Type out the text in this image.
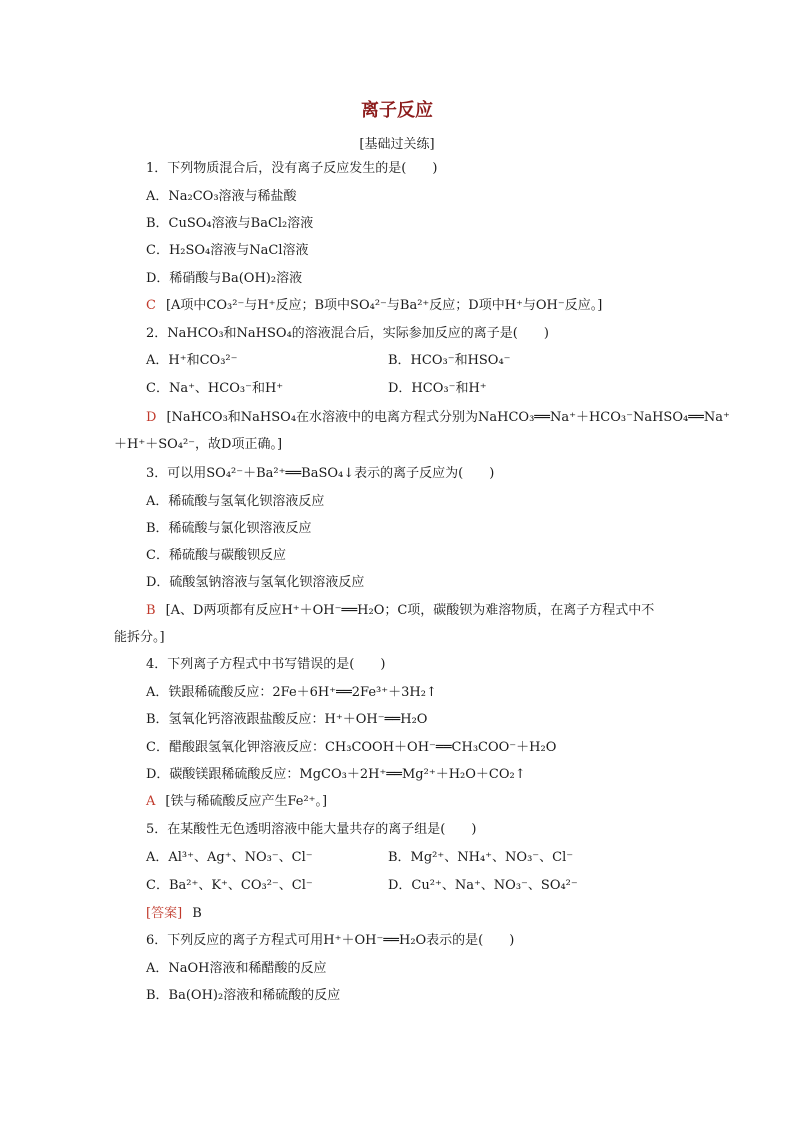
离子反应
[基础过关练]
1．下列物质混合后，没有离子反应发生的是(　　)
A．Na₂CO₃溶液与稀盐酸
B．CuSO₄溶液与BaCl₂溶液
C．H₂SO₄溶液与NaCl溶液
D．稀硝酸与Ba(OH)₂溶液
C [A项中CO₃²⁻与H⁺反应；B项中SO₄²⁻与Ba²⁺反应；D项中H⁺与OH⁻反应。]
2．NaHCO₃和NaHSO₄的溶液混合后，实际参加反应的离子是(　　)
A．H⁺和CO₃²⁻	B．HCO₃⁻和HSO₄⁻
C．Na⁺、HCO₃⁻和H⁺	D．HCO₃⁻和H⁺
D [NaHCO₃和NaHSO₄在水溶液中的电离方程式分别为NaHCO₃══Na⁺＋HCO₃⁻NaHSO₄══Na⁺
＋H⁺＋SO₄²⁻，故D项正确。]
3．可以用SO₄²⁻＋Ba²⁺══BaSO₄↓表示的离子反应为(　　)
A．稀硫酸与氢氧化钡溶液反应
B．稀硫酸与氯化钡溶液反应
C．稀硫酸与碳酸钡反应
D．硫酸氢钠溶液与氢氧化钡溶液反应
B [A、D两项都有反应H⁺＋OH⁻══H₂O；C项，碳酸钡为难溶物质，在离子方程式中不
能拆分。]
4．下列离子方程式中书写错误的是(　　)
A．铁跟稀硫酸反应：2Fe＋6H⁺══2Fe³⁺＋3H₂↑
B．氢氧化钙溶液跟盐酸反应：H⁺＋OH⁻══H₂O
C．醋酸跟氢氧化钾溶液反应：CH₃COOH＋OH⁻══CH₃COO⁻＋H₂O
D．碳酸镁跟稀硫酸反应：MgCO₃＋2H⁺══Mg²⁺＋H₂O＋CO₂↑
A [铁与稀硫酸反应产生Fe²⁺。]
5．在某酸性无色透明溶液中能大量共存的离子组是(　　)
A．Al³⁺、Ag⁺、NO₃⁻、Cl⁻	B．Mg²⁺、NH₄⁺、NO₃⁻、Cl⁻
C．Ba²⁺、K⁺、CO₃²⁻、Cl⁻	D．Cu²⁺、Na⁺、NO₃⁻、SO₄²⁻
[答案] B
6．下列反应的离子方程式可用H⁺＋OH⁻══H₂O表示的是(　　)
A．NaOH溶液和稀醋酸的反应
B．Ba(OH)₂溶液和稀硫酸的反应
